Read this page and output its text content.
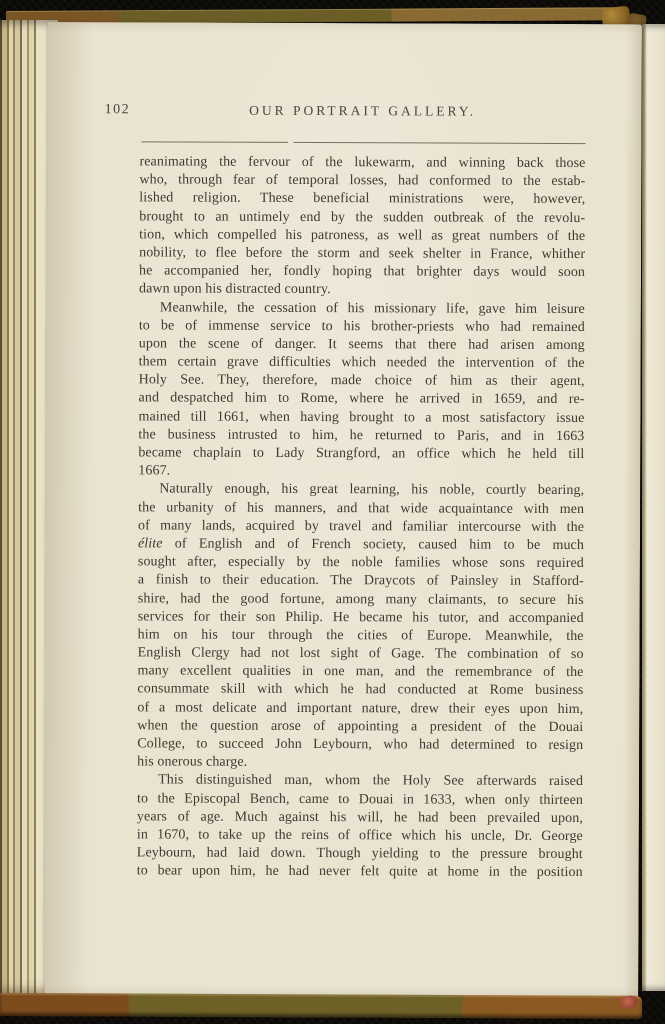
102	OUR PORTRAIT GALLERY.
reanimating the fervour of the lukewarm, and winning back those
who, through fear of temporal losses, had conformed to the estab-
lished religion. These beneficial ministrations were, however,
brought to an untimely end by the sudden outbreak of the revolu-
tion, which compelled his patroness, as well as great numbers of the
nobility, to flee before the storm and seek shelter in France, whither
he accompanied her, fondly hoping that brighter days would soon
dawn upon his distracted country.
Meanwhile, the cessation of his missionary life, gave him leisure
to be of immense service to his brother-priests who had remained
upon the scene of danger. It seems that there had arisen among
them certain grave difficulties which needed the intervention of the
Holy See. They, therefore, made choice of him as their agent,
and despatched him to Rome, where he arrived in 1659, and re-
mained till 1661, when having brought to a most satisfactory issue
the business intrusted to him, he returned to Paris, and in 1663
became chaplain to Lady Strangford, an office which he held till
1667.
Naturally enough, his great learning, his noble, courtly bearing,
the urbanity of his manners, and that wide acquaintance with men
of many lands, acquired by travel and familiar intercourse with the
élite of English and of French society, caused him to be much
sought after, especially by the noble families whose sons required
a finish to their education. The Draycots of Painsley in Stafford-
shire, had the good fortune, among many claimants, to secure his
services for their son Philip. He became his tutor, and accompanied
him on his tour through the cities of Europe. Meanwhile, the
English Clergy had not lost sight of Gage. The combination of so
many excellent qualities in one man, and the remembrance of the
consummate skill with which he had conducted at Rome business
of a most delicate and important nature, drew their eyes upon him,
when the question arose of appointing a president of the Douai
College, to succeed John Leybourn, who had determined to resign
his onerous charge.
This distinguished man, whom the Holy See afterwards raised
to the Episcopal Bench, came to Douai in 1633, when only thirteen
years of age. Much against his will, he had been prevailed upon,
in 1670, to take up the reins of office which his uncle, Dr. George
Leybourn, had laid down. Though yielding to the pressure brought
to bear upon him, he had never felt quite at home in the position
